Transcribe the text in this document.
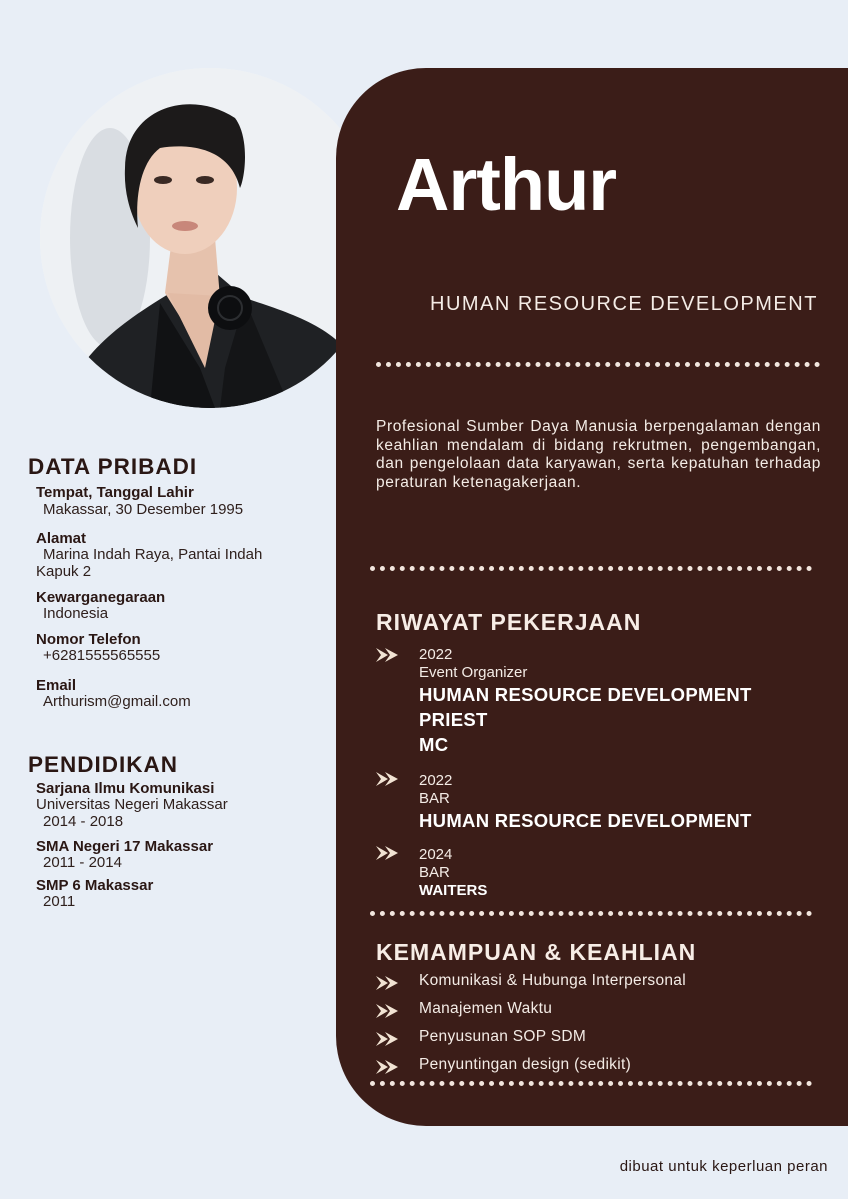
Arthur
HUMAN RESOURCE DEVELOPMENT
Profesional Sumber Daya Manusia berpengalaman dengan keahlian mendalam di bidang rekrutmen, pengembangan, dan pengelolaan data karyawan, serta kepatuhan terhadap peraturan ketenagakerjaan.
RIWAYAT PEKERJAAN
2022
Event Organizer
HUMAN RESOURCE DEVELOPMENT
PRIEST
MC
2022
BAR
HUMAN RESOURCE DEVELOPMENT
2024
BAR
WAITERS
KEMAMPUAN & KEAHLIAN
Komunikasi & Hubunga Interpersonal
Manajemen Waktu
Penyusunan SOP SDM
Penyuntingan design (sedikit)
DATA PRIBADI
Tempat, Tanggal Lahir
Makassar, 30 Desember 1995
Alamat
Marina Indah Raya, Pantai Indah Kapuk 2
Kewarganegaraan
Indonesia
Nomor Telefon
+6281555565555
Email
Arthurism@gmail.com
PENDIDIKAN
Sarjana Ilmu Komunikasi
Universitas Negeri Makassar
2014 - 2018
SMA Negeri 17 Makassar
2011 - 2014
SMP 6 Makassar
2011
dibuat untuk keperluan peran
